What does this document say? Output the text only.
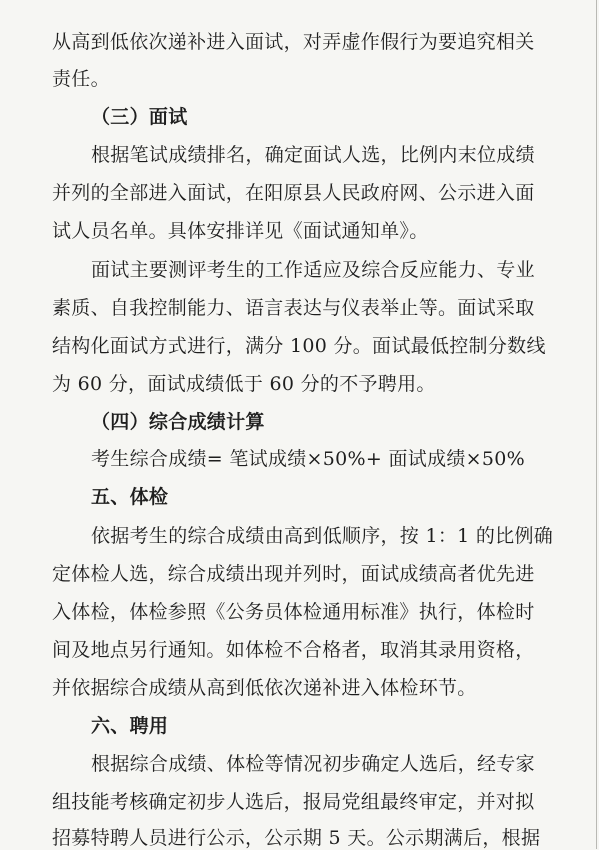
从高到低依次递补进入面试，对弄虚作假行为要追究相关
责任。
（三）面试
根据笔试成绩排名，确定面试人选，比例内末位成绩
并列的全部进入面试，在阳原县人民政府网、公示进入面
试人员名单。具体安排详见《面试通知单》。
面试主要测评考生的工作适应及综合反应能力、专业
素质、自我控制能力、语言表达与仪表举止等。面试采取
结构化面试方式进行，满分 100 分。面试最低控制分数线
为 60 分，面试成绩低于 60 分的不予聘用。
（四）综合成绩计算
考生综合成绩= 笔试成绩×50%+ 面试成绩×50%
五、体检
依据考生的综合成绩由高到低顺序，按 1：1 的比例确
定体检人选，综合成绩出现并列时，面试成绩高者优先进
入体检，体检参照《公务员体检通用标准》执行，体检时
间及地点另行通知。如体检不合格者，取消其录用资格，
并依据综合成绩从高到低依次递补进入体检环节。
六、聘用
根据综合成绩、体检等情况初步确定人选后，经专家
组技能考核确定初步人选后，报局党组最终审定，并对拟
招募特聘人员进行公示，公示期 5 天。公示期满后，根据
